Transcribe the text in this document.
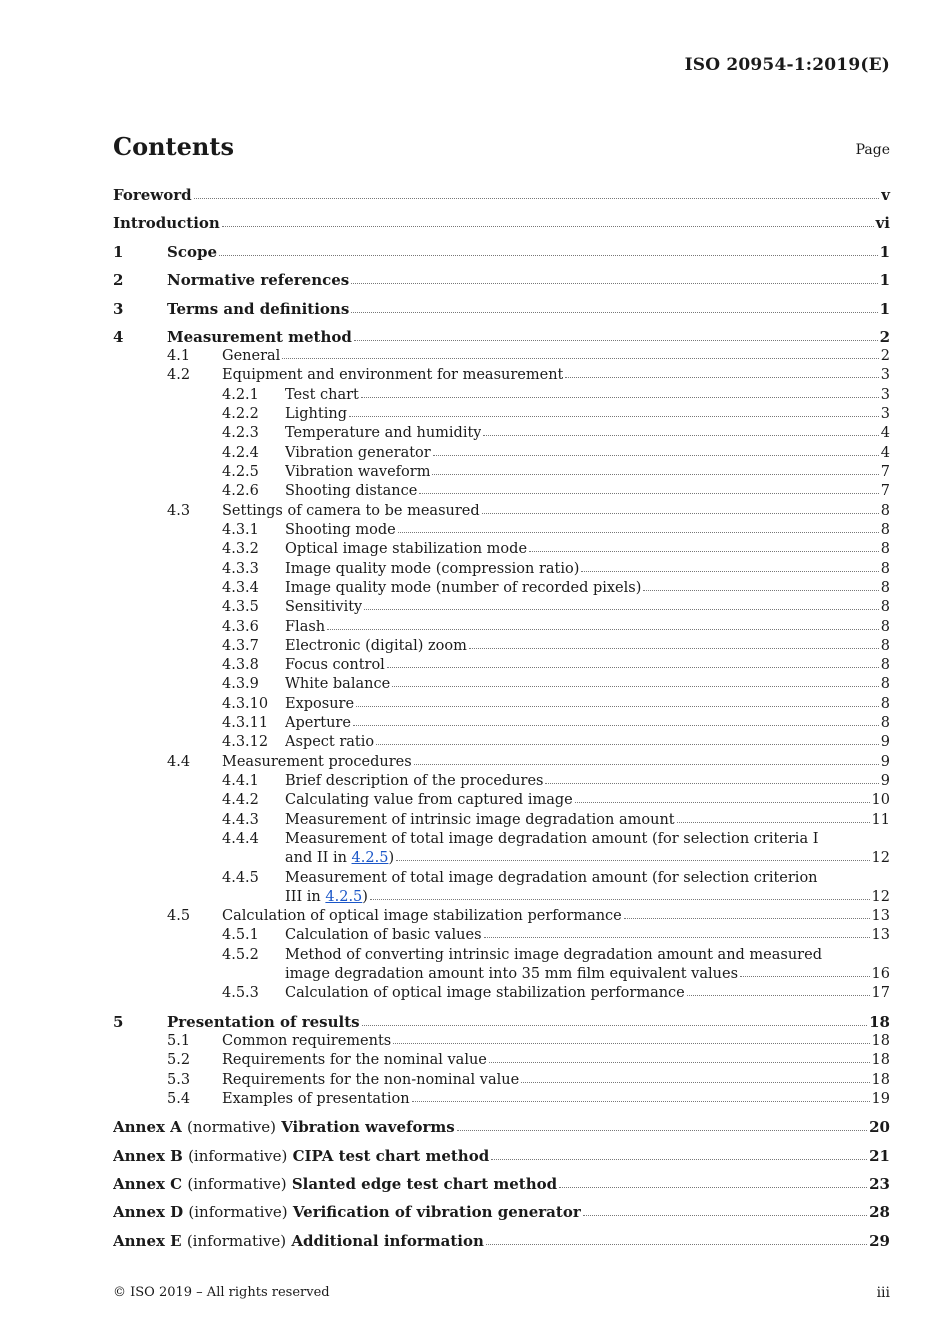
ISO 20954-1:2019(E)
Contents	Page
Foreword	v
Introduction	vi
1	Scope	1
2	Normative references	1
3	Terms and definitions	1
4	Measurement method	2
4.1	General	2
4.2	Equipment and environment for measurement	3
4.2.1	Test chart	3
4.2.2	Lighting	3
4.2.3	Temperature and humidity	4
4.2.4	Vibration generator	4
4.2.5	Vibration waveform	7
4.2.6	Shooting distance	7
4.3	Settings of camera to be measured	8
4.3.1	Shooting mode	8
4.3.2	Optical image stabilization mode	8
4.3.3	Image quality mode (compression ratio)	8
4.3.4	Image quality mode (number of recorded pixels)	8
4.3.5	Sensitivity	8
4.3.6	Flash	8
4.3.7	Electronic (digital) zoom	8
4.3.8	Focus control	8
4.3.9	White balance	8
4.3.10	Exposure	8
4.3.11	Aperture	8
4.3.12	Aspect ratio	9
4.4	Measurement procedures	9
4.4.1	Brief description of the procedures	9
4.4.2	Calculating value from captured image	10
4.4.3	Measurement of intrinsic image degradation amount	11
4.4.4	Measurement of total image degradation amount (for selection criteria I
and II in 4.2.5)	12
4.4.5	Measurement of total image degradation amount (for selection criterion
III in 4.2.5)	12
4.5	Calculation of optical image stabilization performance	13
4.5.1	Calculation of basic values	13
4.5.2	Method of converting intrinsic image degradation amount and measured
image degradation amount into 35 mm film equivalent values	16
4.5.3	Calculation of optical image stabilization performance	17
5	Presentation of results	18
5.1	Common requirements	18
5.2	Requirements for the nominal value	18
5.3	Requirements for the non-nominal value	18
5.4	Examples of presentation	19
Annex A (normative) Vibration waveforms	20
Annex B (informative) CIPA test chart method	21
Annex C (informative) Slanted edge test chart method	23
Annex D (informative) Verification of vibration generator	28
Annex E (informative) Additional information	29
© ISO 2019 – All rights reserved	iii
